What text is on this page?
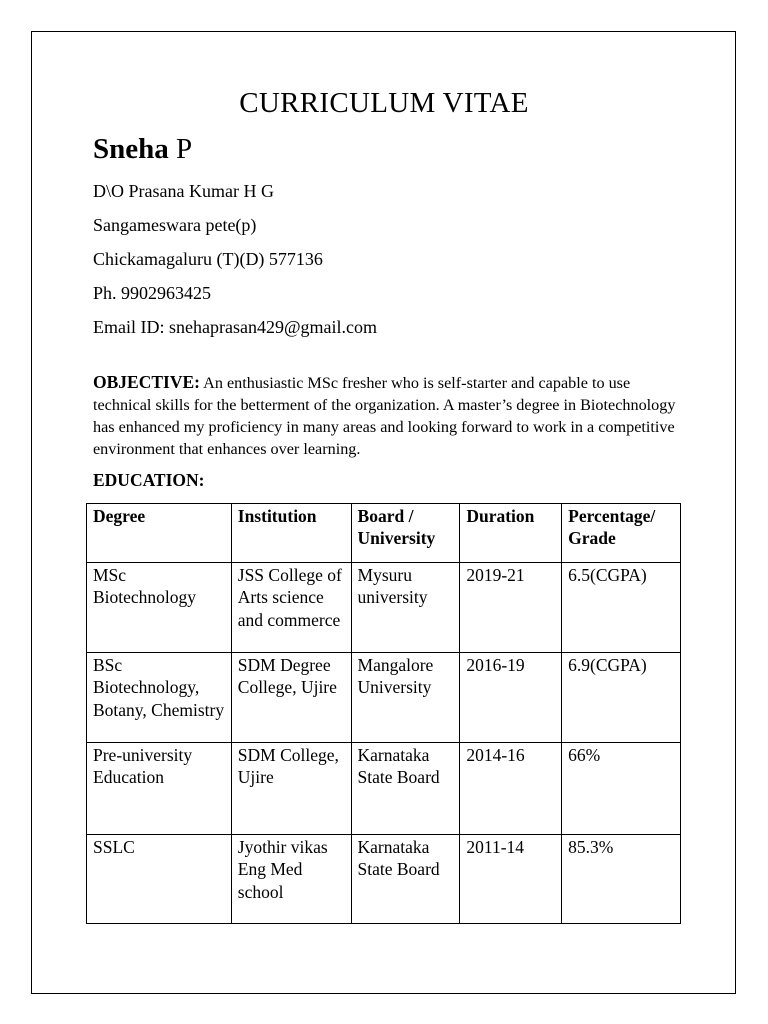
CURRICULUM VITAE
Sneha P
D\O Prasana Kumar H G
Sangameswara pete(p)
Chickamagaluru (T)(D) 577136
Ph. 9902963425
Email ID: snehaprasan429@gmail.com
OBJECTIVE: An enthusiastic MSc fresher who is self-starter and capable to use technical skills for the betterment of the organization. A master’s degree in Biotechnology has enhanced my proficiency in many areas and looking forward to work in a competitive environment that enhances over learning.
EDUCATION:
Degree	Institution	Board / University	Duration	Percentage/ Grade
MSc Biotechnology	JSS College of Arts science and commerce	Mysuru university	2019-21	6.5(CGPA)
BSc Biotechnology, Botany, Chemistry	SDM Degree College, Ujire	Mangalore University	2016-19	6.9(CGPA)
Pre-university Education	SDM College, Ujire	Karnataka State Board	2014-16	66%
SSLC	Jyothir vikas Eng Med school	Karnataka State Board	2011-14	85.3%
